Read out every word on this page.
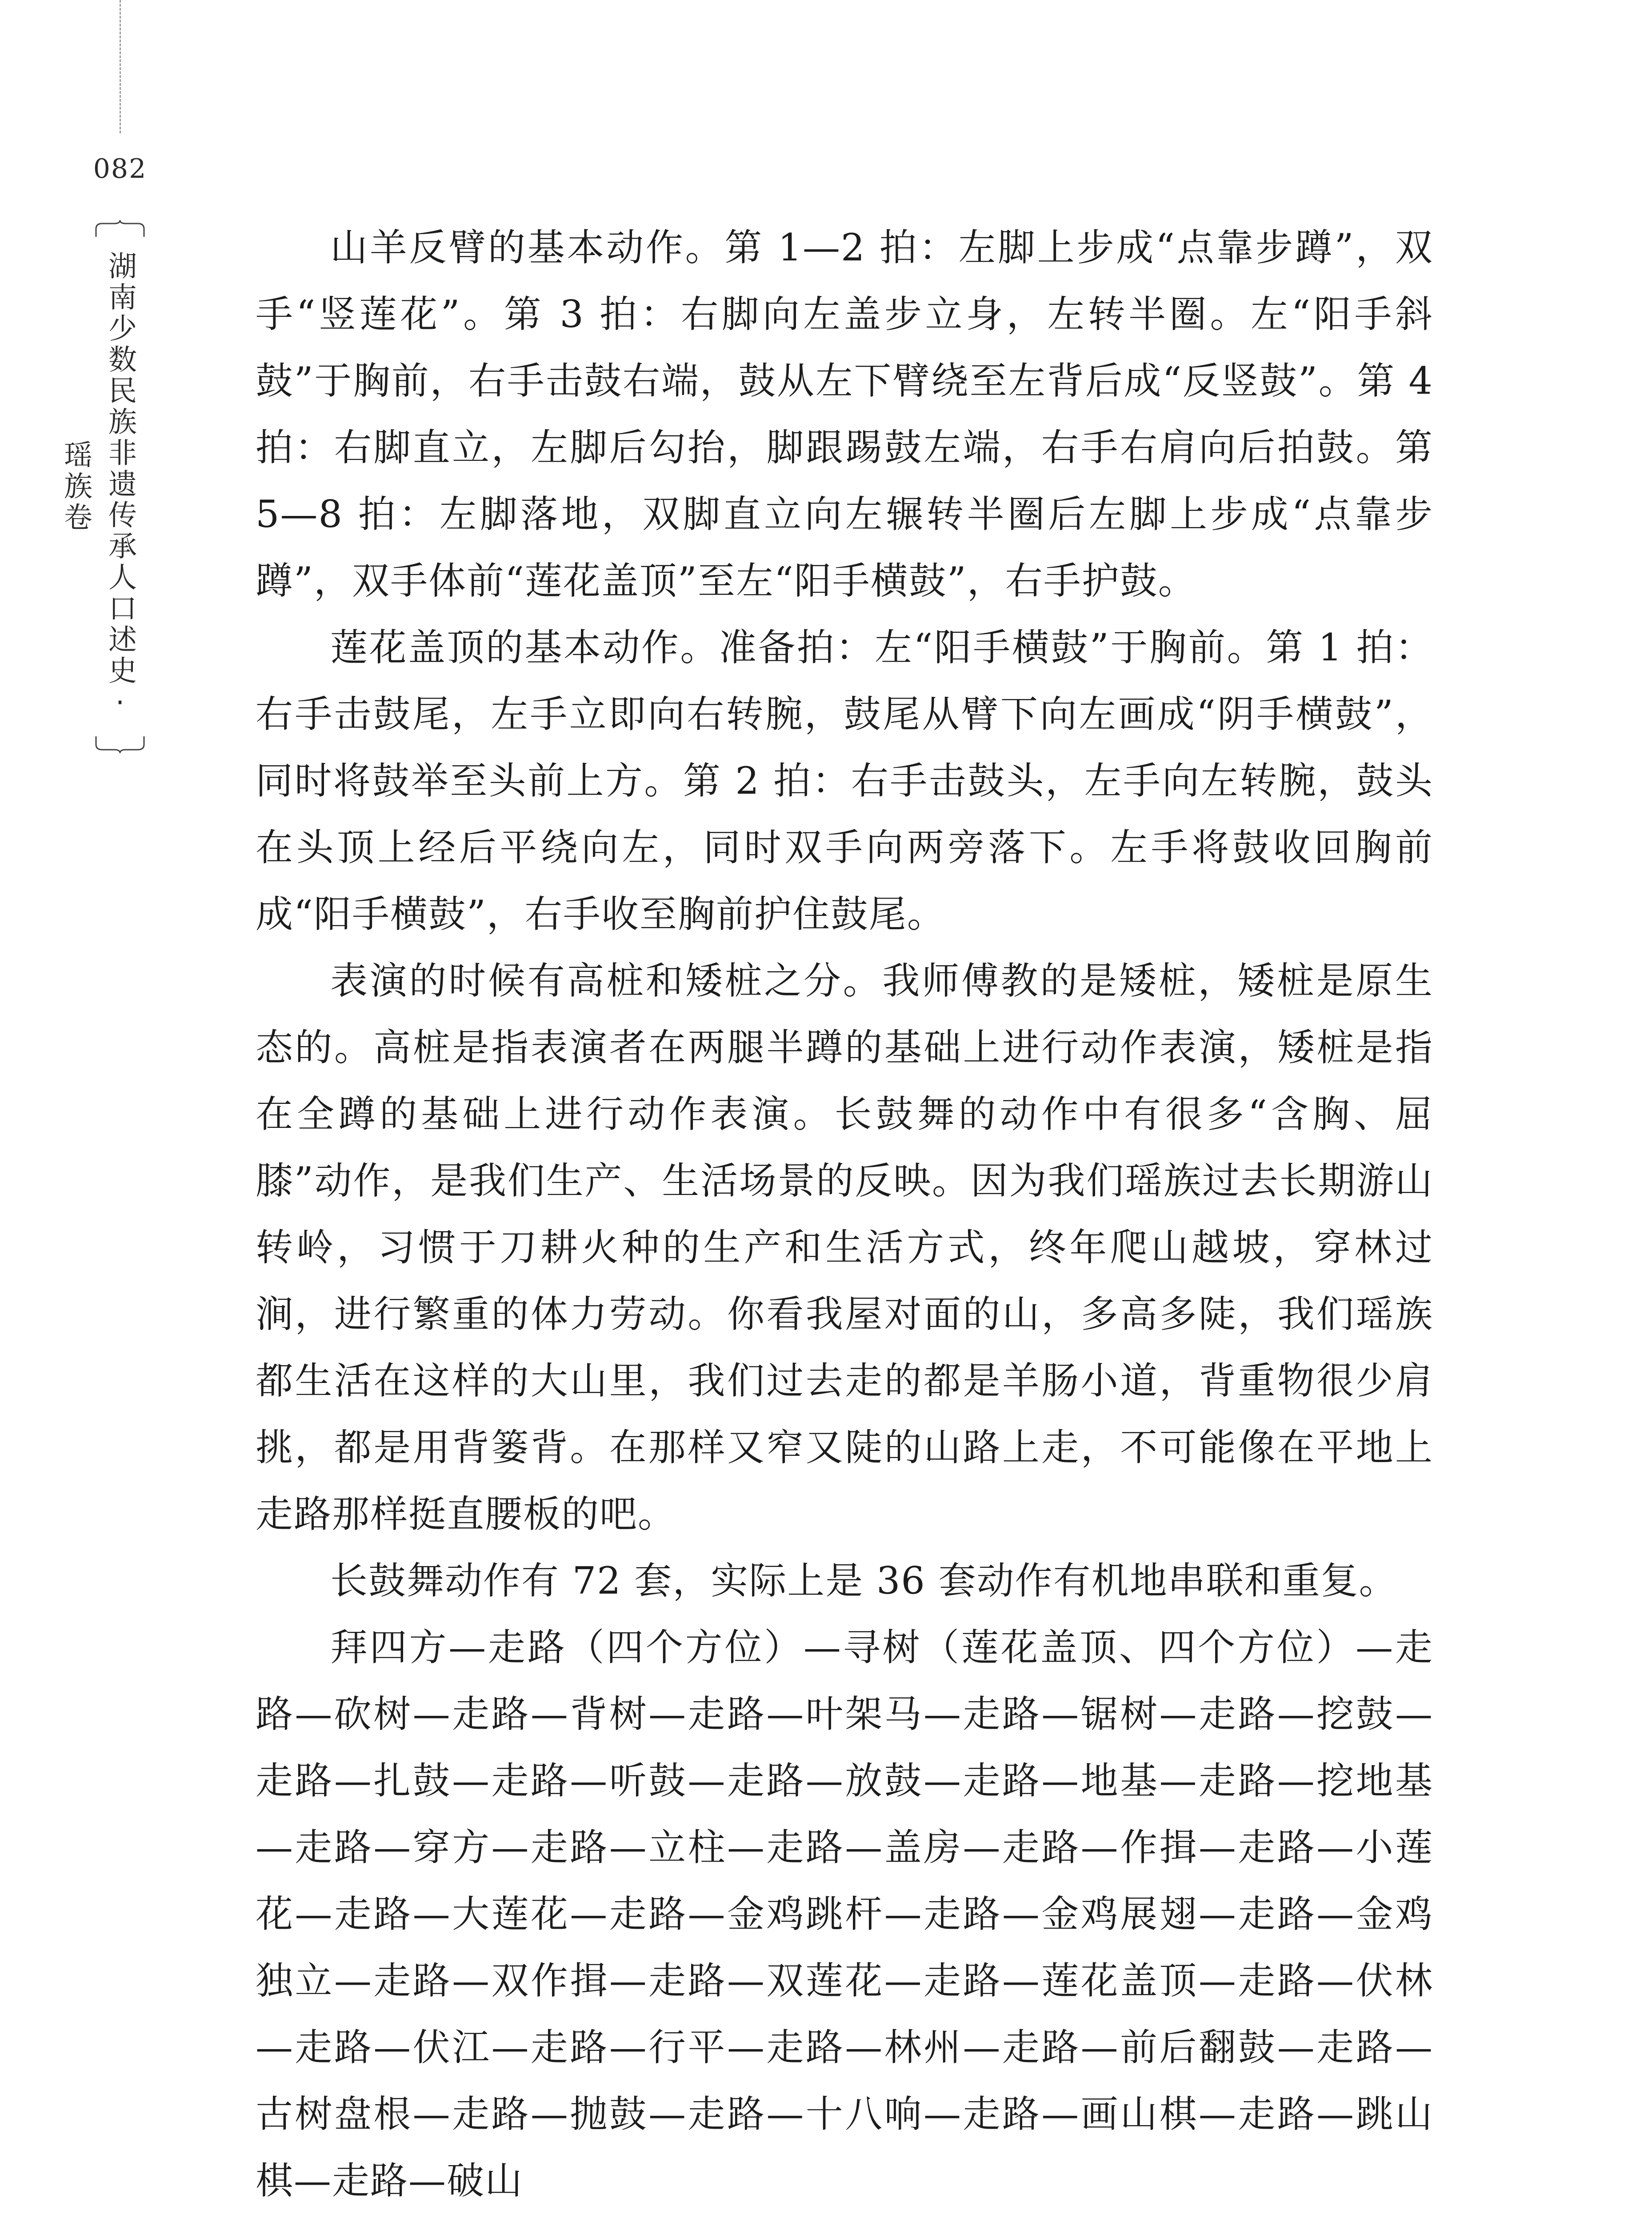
082
湖南少数民族非遗传承人口述史·瑶族卷

山羊反臂的基本动作。第 1—2 拍：左脚上步成“点靠步蹲”，双手“竖莲花”。第 3 拍：右脚向左盖步立身，左转半圈。左“阳手斜鼓”于胸前，右手击鼓右端，鼓从左下臂绕至左背后成“反竖鼓”。第 4 拍：右脚直立，左脚后勾抬，脚跟踢鼓左端，右手右肩向后拍鼓。第 5—8 拍：左脚落地，双脚直立向左辗转半圈后左脚上步成“点靠步蹲”，双手体前“莲花盖顶”至左“阳手横鼓”，右手护鼓。

莲花盖顶的基本动作。准备拍：左“阳手横鼓”于胸前。第 1 拍：右手击鼓尾，左手立即向右转腕，鼓尾从臂下向左画成“阴手横鼓”，同时将鼓举至头前上方。第 2 拍：右手击鼓头，左手向左转腕，鼓头在头顶上经后平绕向左，同时双手向两旁落下。左手将鼓收回胸前成“阳手横鼓”，右手收至胸前护住鼓尾。

表演的时候有高桩和矮桩之分。我师傅教的是矮桩，矮桩是原生态的。高桩是指表演者在两腿半蹲的基础上进行动作表演，矮桩是指在全蹲的基础上进行动作表演。长鼓舞的动作中有很多“含胸、屈膝”动作，是我们生产、生活场景的反映。因为我们瑶族过去长期游山转岭，习惯于刀耕火种的生产和生活方式，终年爬山越坡，穿林过涧，进行繁重的体力劳动。你看我屋对面的山，多高多陡，我们瑶族都生活在这样的大山里，我们过去走的都是羊肠小道，背重物很少肩挑，都是用背篓背。在那样又窄又陡的山路上走，不可能像在平地上走路那样挺直腰板的吧。

长鼓舞动作有 72 套，实际上是 36 套动作有机地串联和重复。

拜四方—走路（四个方位）—寻树（莲花盖顶、四个方位）—走路—砍树—走路—背树—走路—叶架马—走路—锯树—走路—挖鼓—走路—扎鼓—走路—听鼓—走路—放鼓—走路—地基—走路—挖地基—走路—穿方—走路—立柱—走路—盖房—走路—作揖—走路—小莲花—走路—大莲花—走路—金鸡跳杆—走路—金鸡展翅—走路—金鸡独立—走路—双作揖—走路—双莲花—走路—莲花盖顶—走路—伏林—走路—伏江—走路—行平—走路—林州—走路—前后翻鼓—走路—古树盘根—走路—抛鼓—走路—十八响—走路—画山棋—走路—跳山棋—走路—破山
